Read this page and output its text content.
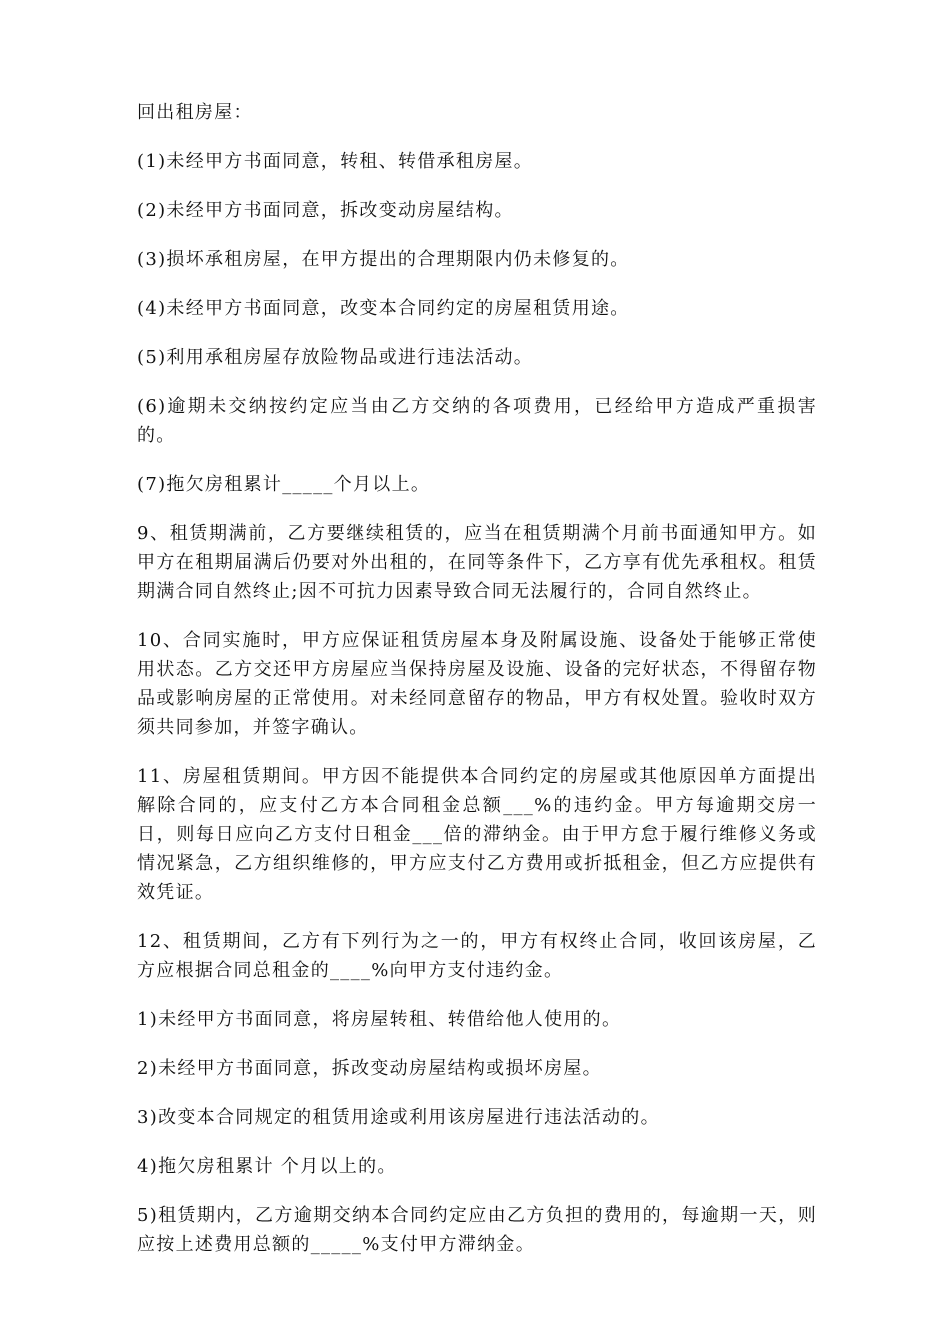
回出租房屋：

(1)未经甲方书面同意，转租、转借承租房屋。

(2)未经甲方书面同意，拆改变动房屋结构。

(3)损坏承租房屋，在甲方提出的合理期限内仍未修复的。

(4)未经甲方书面同意，改变本合同约定的房屋租赁用途。

(5)利用承租房屋存放险物品或进行违法活动。

(6)逾期未交纳按约定应当由乙方交纳的各项费用，已经给甲方造成严重损害的。

(7)拖欠房租累计_____个月以上。

9、租赁期满前，乙方要继续租赁的，应当在租赁期满个月前书面通知甲方。如甲方在租期届满后仍要对外出租的，在同等条件下，乙方享有优先承租权。租赁期满合同自然终止;因不可抗力因素导致合同无法履行的，合同自然终止。

10、合同实施时，甲方应保证租赁房屋本身及附属设施、设备处于能够正常使用状态。乙方交还甲方房屋应当保持房屋及设施、设备的完好状态，不得留存物品或影响房屋的正常使用。对未经同意留存的物品，甲方有权处置。验收时双方须共同参加，并签字确认。

11、房屋租赁期间。甲方因不能提供本合同约定的房屋或其他原因单方面提出解除合同的，应支付乙方本合同租金总额___%的违约金。甲方每逾期交房一日，则每日应向乙方支付日租金___倍的滞纳金。由于甲方怠于履行维修义务或情况紧急，乙方组织维修的，甲方应支付乙方费用或折抵租金，但乙方应提供有效凭证。

12、租赁期间，乙方有下列行为之一的，甲方有权终止合同，收回该房屋，乙方应根据合同总租金的____%向甲方支付违约金。

1)未经甲方书面同意，将房屋转租、转借给他人使用的。

2)未经甲方书面同意，拆改变动房屋结构或损坏房屋。

3)改变本合同规定的租赁用途或利用该房屋进行违法活动的。

4)拖欠房租累计 个月以上的。

5)租赁期内，乙方逾期交纳本合同约定应由乙方负担的费用的，每逾期一天，则应按上述费用总额的_____%支付甲方滞纳金。
